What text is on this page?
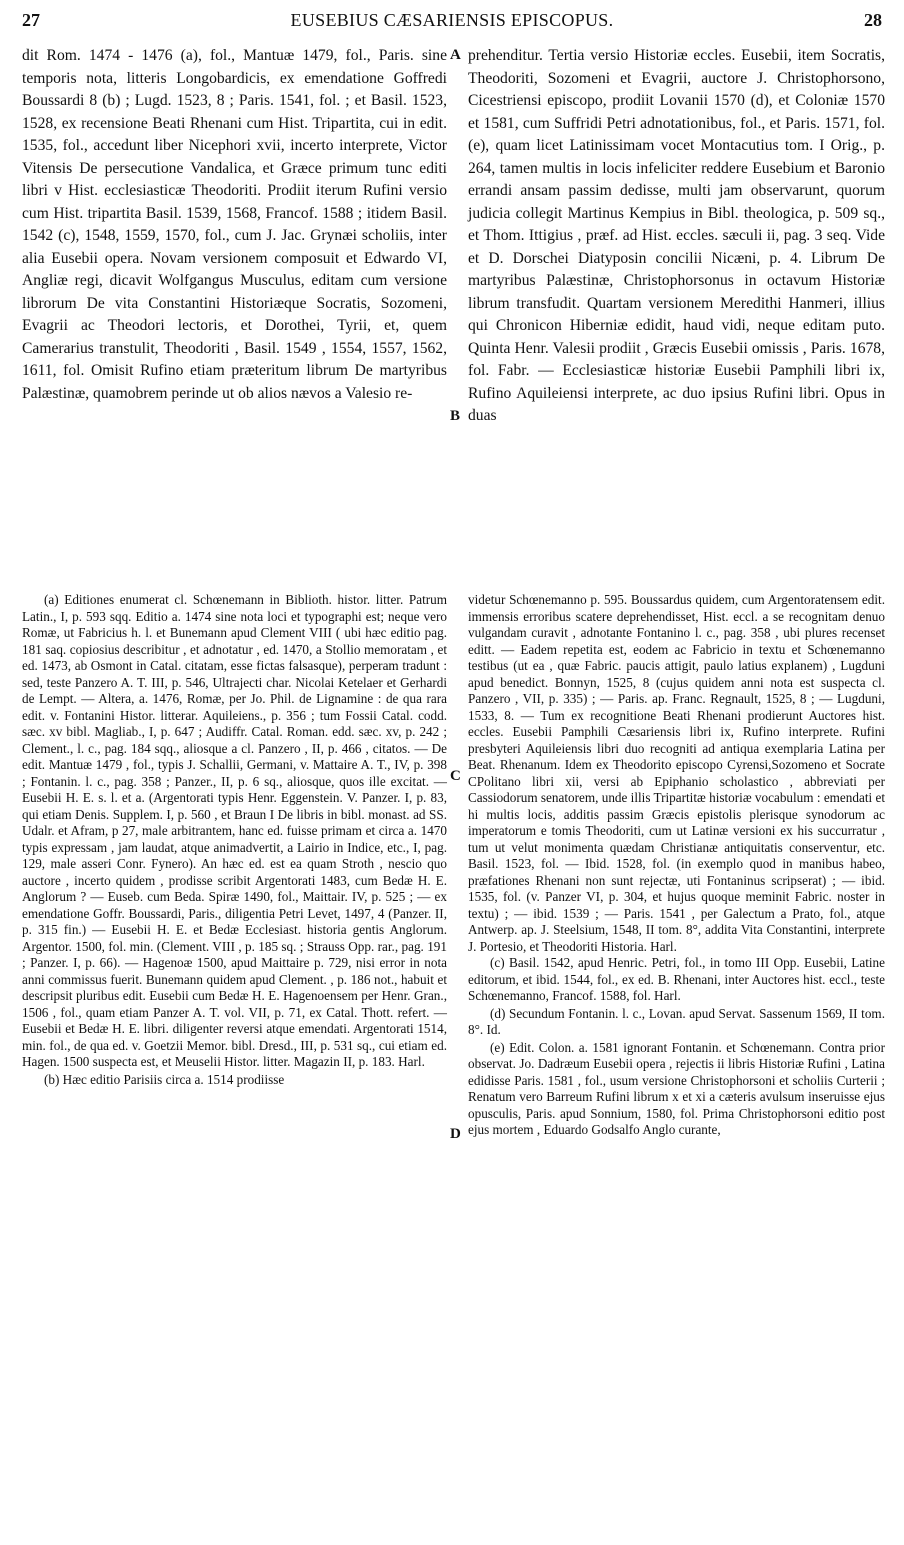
27	EUSEBIUS CÆSARIENSIS EPISCOPUS.	28
A
B
C
D

dit Rom. 1474 - 1476 (a), fol., Mantuæ 1479, fol., Paris. sine temporis nota, litteris Longobardicis, ex emendatione Goffredi Boussardi 8 (b) ; Lugd. 1523, 8 ; Paris. 1541, fol. ; et Basil. 1523, 1528, ex recensione Beati Rhenani cum Hist. Tripartita, cui in edit. 1535, fol., accedunt liber Nicephori xvii, incerto interprete, Victor Vitensis De persecutione Vandalica, et Græce primum tunc editi libri v Hist. ecclesiasticæ Theodoriti. Prodiit iterum Rufini versio cum Hist. tripartita Basil. 1539, 1568, Francof. 1588 ; itidem Basil. 1542 (c), 1548, 1559, 1570, fol., cum J. Jac. Grynæi scholiis, inter alia Eusebii opera. Novam versionem composuit et Edwardo VI, Angliæ regi, dicavit Wolfgangus Musculus, editam cum versione librorum De vita Constantini Historiæque Socratis, Sozomeni, Evagrii ac Theodori lectoris, et Dorothei, Tyrii, et, quem Camerarius transtulit, Theodoriti , Basil. 1549 , 1554, 1557, 1562, 1611, fol. Omisit Rufino etiam præteritum librum De martyribus Palæstinæ, quamobrem perinde ut ob alios nævos a Valesio re-

prehenditur. Tertia versio Historiæ eccles. Eusebii, item Socratis, Theodoriti, Sozomeni et Evagrii, auctore J. Christophorsono, Cicestriensi episcopo, prodiit Lovanii 1570 (d), et Coloniæ 1570 et 1581, cum Suffridi Petri adnotationibus, fol., et Paris. 1571, fol. (e), quam licet Latinissimam vocet Montacutius tom. I Orig., p. 264, tamen multis in locis infeliciter reddere Eusebium et Baronio errandi ansam passim dedisse, multi jam observarunt, quorum judicia collegit Martinus Kempius in Bibl. theologica, p. 509 sq., et Thom. Ittigius , præf. ad Hist. eccles. sæculi ii, pag. 3 seq. Vide et D. Dorschei Diatyposin concilii Nicæni, p. 4. Librum De martyribus Palæstinæ, Christophorsonus in octavum Historiæ librum transfudit. Quartam versionem Meredithi Hanmeri, illius qui Chronicon Hiberniæ edidit, haud vidi, neque editam puto. Quinta Henr. Valesii prodiit , Græcis Eusebii omissis , Paris. 1678, fol. Fabr. — Ecclesiasticæ historiæ Eusebii Pamphili libri ix, Rufino Aquileiensi interprete, ac duo ipsius Rufini libri. Opus in duas

(a) Editiones enumerat cl. Schœnemann in Biblioth. histor. litter. Patrum Latin., I, p. 593 sqq. Editio a. 1474 sine nota loci et typographi est; neque vero Romæ, ut Fabricius h. l. et Bunemann apud Clement VIII ( ubi hæc editio pag. 181 saq. copiosius describitur , et adnotatur , ed. 1470, a Stollio memoratam , et ed. 1473, ab Osmont in Catal. citatam, esse fictas falsasque), perperam tradunt : sed, teste Panzero A. T. III, p. 546, Ultrajecti char. Nicolai Ketelaer et Gerhardi de Lempt. — Altera, a. 1476, Romæ, per Jo. Phil. de Lignamine : de qua rara edit. v. Fontanini Histor. litterar. Aquileiens., p. 356 ; tum Fossii Catal. codd. sæc. xv bibl. Magliab., I, p. 647 ; Audiffr. Catal. Roman. edd. sæc. xv, p. 242 ; Clement., l. c., pag. 184 sqq., aliosque a cl. Panzero , II, p. 466 , citatos. — De edit. Mantuæ 1479 , fol., typis J. Schallii, Germani, v. Mattaire A. T., IV, p. 398 ; Fontanin. l. c., pag. 358 ; Panzer., II, p. 6 sq., aliosque, quos ille excitat. — Eusebii H. E. s. l. et a. (Argentorati typis Henr. Eggenstein. V. Panzer. I, p. 83, qui etiam Denis. Supplem. I, p. 560 , et Braun I De libris in bibl. monast. ad SS. Udalr. et Afram, p 27, male arbitrantem, hanc ed. fuisse primam et circa a. 1470 typis expressam , jam laudat, atque animadvertit, a Lairio in Indice, etc., I, pag. 129, male asseri Conr. Fynero). An hæc ed. est ea quam Stroth , nescio quo auctore , incerto quidem , prodisse scribit Argentorati 1483, cum Bedæ H. E. Anglorum ? — Euseb. cum Beda. Spiræ 1490, fol., Maittair. IV, p. 525 ; — ex emendatione Goffr. Boussardi, Paris., diligentia Petri Levet, 1497, 4 (Panzer. II, p. 315 fin.) — Eusebii H. E. et Bedæ Ecclesiast. historia gentis Anglorum. Argentor. 1500, fol. min. (Clement. VIII , p. 185 sq. ; Strauss Opp. rar., pag. 191 ; Panzer. I, p. 66). — Hagenoæ 1500, apud Maittaire p. 729, nisi error in nota anni commissus fuerit. Bunemann quidem apud Clement. , p. 186 not., habuit et descripsit pluribus edit. Eusebii cum Bedæ H. E. Hagenoensem per Henr. Gran., 1506 , fol., quam etiam Panzer A. T. vol. VII, p. 71, ex Catal. Thott. refert. — Eusebii et Bedæ H. E. libri. diligenter reversi atque emendati. Argentorati 1514, min. fol., de qua ed. v. Goetzii Memor. bibl. Dresd., III, p. 531 sq., cui etiam ed. Hagen. 1500 suspecta est, et Meuselii Histor. litter. Magazin II, p. 183. Harl.

(b) Hæc editio Parisiis circa a. 1514 prodiisse

videtur Schœnemanno p. 595. Boussardus quidem, cum Argentoratensem edit. immensis erroribus scatere deprehendisset, Hist. eccl. a se recognitam denuo vulgandam curavit , adnotante Fontanino l. c., pag. 358 , ubi plures recenset editt. — Eadem repetita est, eodem ac Fabricio in textu et Schœnemanno testibus (ut ea , quæ Fabric. paucis attigit, paulo latius explanem) , Lugduni apud benedict. Bonnyn, 1525, 8 (cujus quidem anni nota est suspecta cl. Panzero , VII, p. 335) ; — Paris. ap. Franc. Regnault, 1525, 8 ; — Lugduni, 1533, 8. — Tum ex recognitione Beati Rhenani prodierunt Auctores hist. eccles. Eusebii Pamphili Cæsariensis libri ix, Rufino interprete. Rufini presbyteri Aquileiensis libri duo recogniti ad antiqua exemplaria Latina per Beat. Rhenanum. Idem ex Theodorito episcopo Cyrensi,Sozomeno et Socrate CPolitano libri xii, versi ab Epiphanio scholastico , abbreviati per Cassiodorum senatorem, unde illis Tripartitæ historiæ vocabulum : emendati et hi multis locis, additis passim Græcis epistolis plerisque synodorum ac imperatorum e tomis Theodoriti, cum ut Latinæ versioni ex his succurratur , tum ut velut monimenta quædam Christianæ antiquitatis conserventur, etc. Basil. 1523, fol. — Ibid. 1528, fol. (in exemplo quod in manibus habeo, præfationes Rhenani non sunt rejectæ, uti Fontaninus scripserat) ; — ibid. 1535, fol. (v. Panzer VI, p. 304, et hujus quoque meminit Fabric. noster in textu) ; — ibid. 1539 ; — Paris. 1541 , per Galectum a Prato, fol., atque Antwerp. ap. J. Steelsium, 1548, II tom. 8°, addita Vita Constantini, interprete J. Portesio, et Theodoriti Historia. Harl.

(c) Basil. 1542, apud Henric. Petri, fol., in tomo III Opp. Eusebii, Latine editorum, et ibid. 1544, fol., ex ed. B. Rhenani, inter Auctores hist. eccl., teste Schœnemanno, Francof. 1588, fol. Harl.

(d) Secundum Fontanin. l. c., Lovan. apud Servat. Sassenum 1569, II tom. 8°. Id.

(e) Edit. Colon. a. 1581 ignorant Fontanin. et Schœnemann. Contra prior observat. Jo. Dadræum Eusebii opera , rejectis ii libris Historiæ Rufini , Latina edidisse Paris. 1581 , fol., usum versione Christophorsoni et scholiis Curterii ; Renatum vero Barreum Rufini librum x et xi a cæteris avulsum inseruisse ejus opusculis, Paris. apud Sonnium, 1580, fol. Prima Christophorsoni editio post ejus mortem , Eduardo Godsalfo Anglo curante,
